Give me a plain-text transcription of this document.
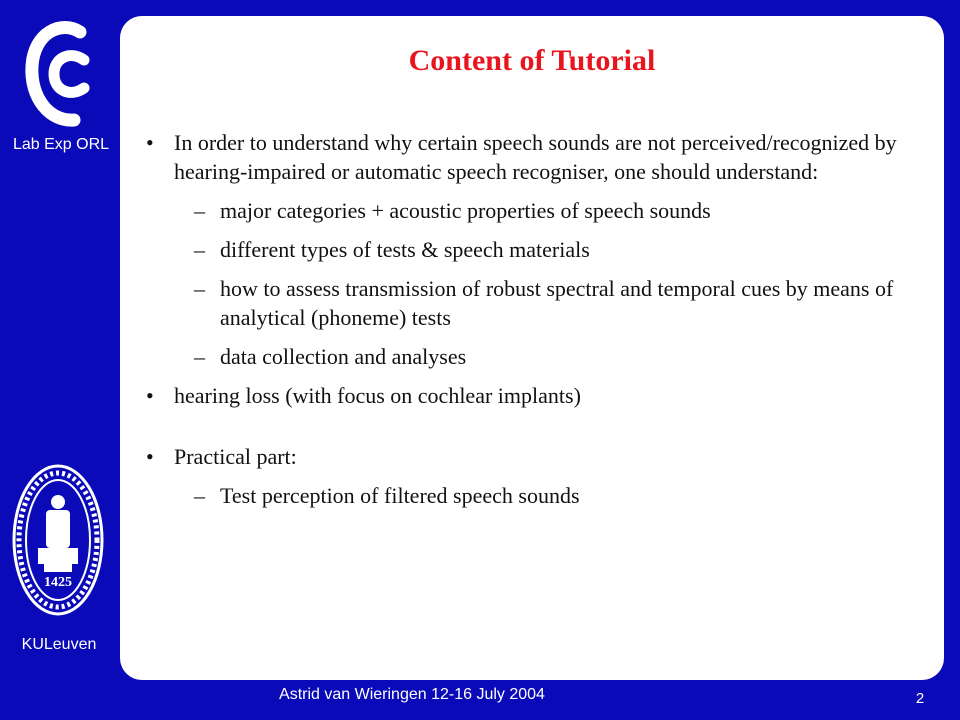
Lab Exp ORL
1425
KULeuven
Content of Tutorial
• In order to understand why certain speech sounds are not perceived/recognized by hearing-impaired or automatic speech recogniser, one should understand:
– major categories + acoustic properties of speech sounds
– different types of tests & speech materials
– how to assess transmission of robust spectral and temporal cues by means of analytical (phoneme) tests
– data collection and analyses
• hearing loss (with focus on cochlear implants)
• Practical part:
– Test perception of filtered speech sounds
Astrid van Wieringen 12-16 July 2004	2
